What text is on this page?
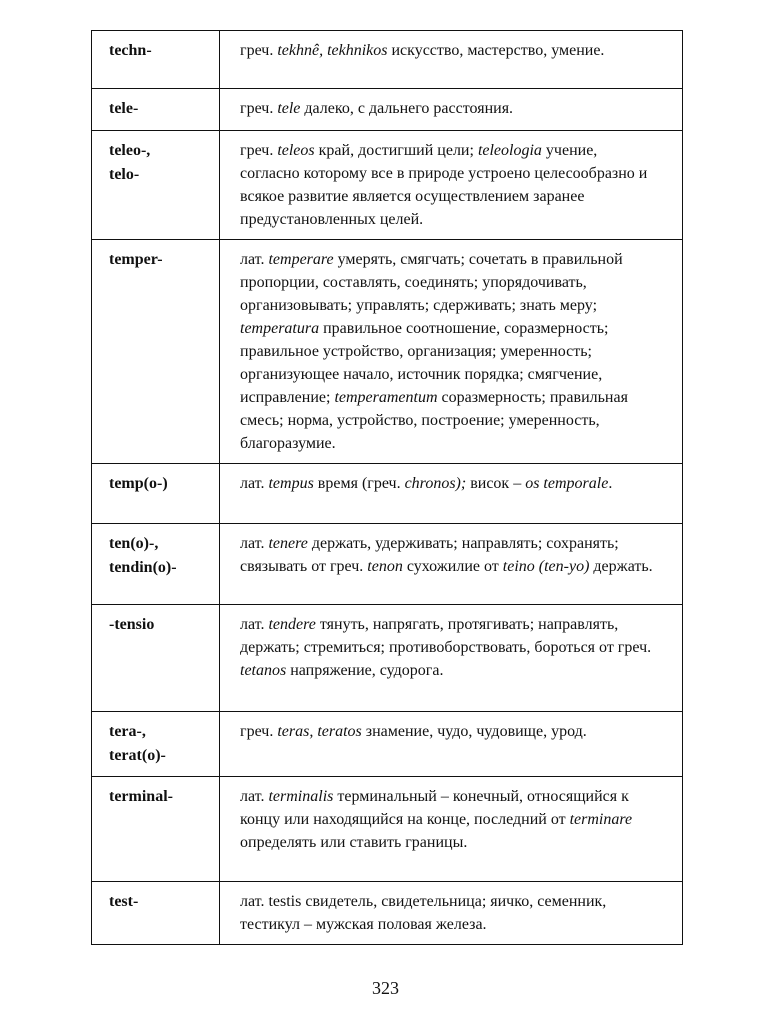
techn-	греч. tekhnê, tekhnikos искусство, мастерство, умение.

tele-	греч. tele далеко, с дальнего расстояния.

teleo-,
telo-	греч. teleos край, достигший цели; teleologia учение, согласно которому все в природе устроено целесообразно и всякое развитие является осуществлением заранее предустановленных целей.

temper-	лат. temperare умерять, смягчать; сочетать в правильной пропорции, составлять, соединять; упорядочивать, организовывать; управлять; сдерживать; знать меру; temperatura правильное соотношение, соразмерность; правильное устройство, организация; умеренность; организующее начало, источник порядка; смягчение, исправление; temperamentum соразмерность; правильная смесь; норма, устройство, построение; умеренность, благоразумие.

temp(o-)	лат. tempus время (греч. chronos); висок – os temporale.

ten(o)-,
tendin(o)-	лат. tenere держать, удерживать; направлять; сохранять; связывать от греч. tenon сухожилие от teino (ten-yo) держать.

-tensio	лат. tendere тянуть, напрягать, протягивать; направлять, держать; стремиться; противоборствовать, бороться от греч. tetanos напряжение, судорога.

tera-,
terat(o)-	греч. teras, teratos знамение, чудо, чудовище, урод.

terminal-	лат. terminalis терминальный – конечный, относящийся к концу или находящийся на конце, последний от terminare определять или ставить границы.

test-	лат. testis свидетель, свидетельница; яичко, семенник, тестикул – мужская половая железа.
323
